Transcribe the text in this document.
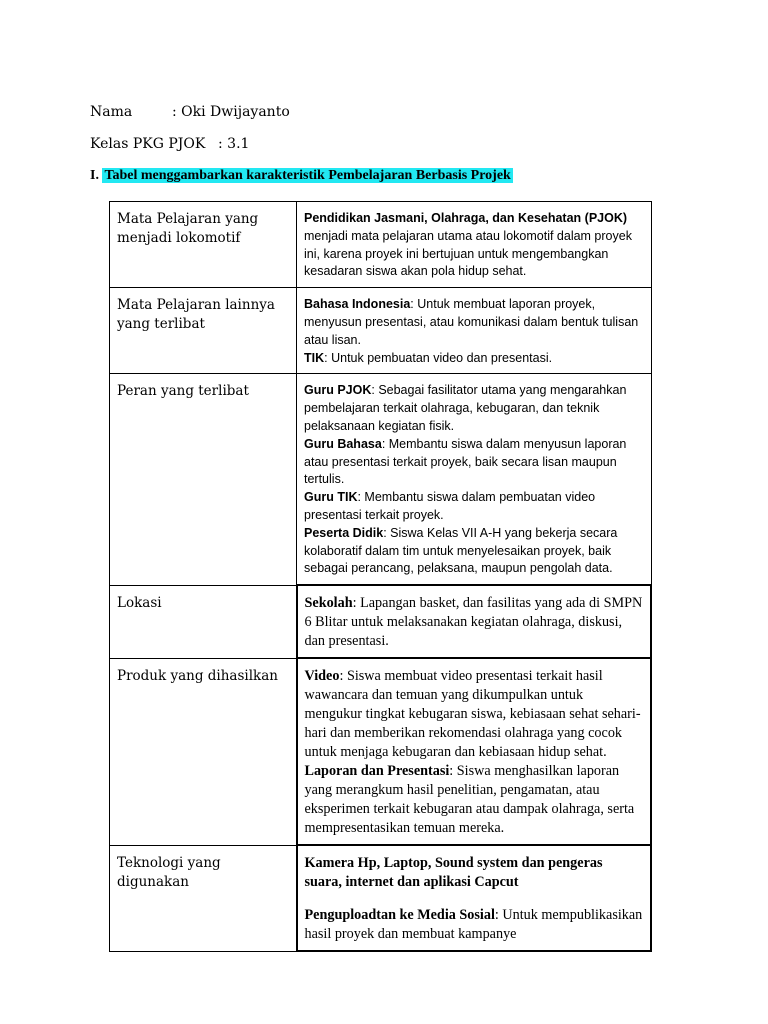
Nama	: Oki Dwijayanto
Kelas PKG PJOK : 3.1
I. Tabel menggambarkan karakteristik Pembelajaran Berbasis Projek
Mata Pelajaran yang menjadi lokomotif	Pendidikan Jasmani, Olahraga, dan Kesehatan (PJOK) menjadi mata pelajaran utama atau lokomotif dalam proyek ini, karena proyek ini bertujuan untuk mengembangkan kesadaran siswa akan pola hidup sehat.

Mata Pelajaran lainnya yang terlibat	Bahasa Indonesia: Untuk membuat laporan proyek, menyusun presentasi, atau komunikasi dalam bentuk tulisan atau lisan.

TIK: Untuk pembuatan video dan presentasi.

Peran yang terlibat	Guru PJOK: Sebagai fasilitator utama yang mengarahkan pembelajaran terkait olahraga, kebugaran, dan teknik pelaksanaan kegiatan fisik.

Guru Bahasa: Membantu siswa dalam menyusun laporan atau presentasi terkait proyek, baik secara lisan maupun tertulis.

Guru TIK: Membantu siswa dalam pembuatan video presentasi terkait proyek.

Peserta Didik: Siswa Kelas VII A-H yang bekerja secara kolaboratif dalam tim untuk menyelesaikan proyek, baik sebagai perancang, pelaksana, maupun pengolah data.

Lokasi	Sekolah: Lapangan basket, dan fasilitas yang ada di SMPN 6 Blitar untuk melaksanakan kegiatan olahraga, diskusi, dan presentasi.

Produk yang dihasilkan	Video: Siswa membuat video presentasi terkait hasil wawancara dan temuan yang dikumpulkan untuk mengukur tingkat kebugaran siswa, kebiasaan sehat sehari-hari dan memberikan rekomendasi olahraga yang cocok untuk menjaga kebugaran dan kebiasaan hidup sehat.

Laporan dan Presentasi: Siswa menghasilkan laporan yang merangkum hasil penelitian, pengamatan, atau eksperimen terkait kebugaran atau dampak olahraga, serta mempresentasikan temuan mereka.

Teknologi yang digunakan	Kamera Hp, Laptop, Sound system dan pengeras suara, internet dan aplikasi Capcut

Penguploadtan ke Media Sosial: Untuk mempublikasikan hasil proyek dan membuat kampanye
